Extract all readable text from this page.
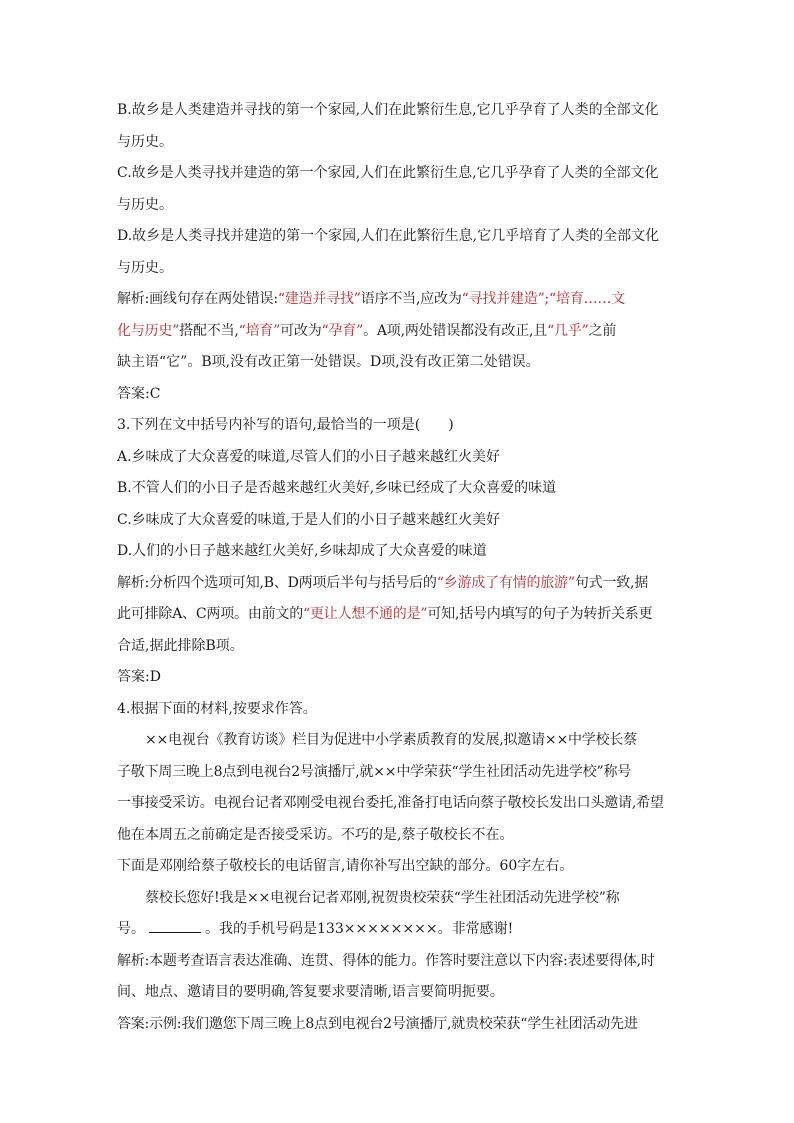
B.故乡是人类建造并寻找的第一个家园,人们在此繁衍生息,它几乎孕育了人类的全部文化
与历史。
C.故乡是人类寻找并建造的第一个家园,人们在此繁衍生息,它几乎孕育了人类的全部文化
与历史。
D.故乡是人类寻找并建造的第一个家园,人们在此繁衍生息,它几乎培育了人类的全部文化
与历史。
解析:画线句存在两处错误:“建造并寻找”语序不当,应改为“寻找并建造”;“培育……文
化与历史”搭配不当,“培育”可改为“孕育”。A项,两处错误都没有改正,且“几乎”之前
缺主语“它”。B项,没有改正第一处错误。D项,没有改正第二处错误。
答案:C
3.下列在文中括号内补写的语句,最恰当的一项是(　　)
A.乡味成了大众喜爱的味道,尽管人们的小日子越来越红火美好
B.不管人们的小日子是否越来越红火美好,乡味已经成了大众喜爱的味道
C.乡味成了大众喜爱的味道,于是人们的小日子越来越红火美好
D.人们的小日子越来越红火美好,乡味却成了大众喜爱的味道
解析:分析四个选项可知,B、D两项后半句与括号后的“乡游成了有情的旅游”句式一致,据
此可排除A、C两项。由前文的“更让人想不通的是”可知,括号内填写的句子为转折关系更
合适,据此排除B项。
答案:D
4.根据下面的材料,按要求作答。
××电视台《教育访谈》栏目为促进中小学素质教育的发展,拟邀请××中学校长蔡
子敬下周三晚上8点到电视台2号演播厅,就××中学荣获“学生社团活动先进学校”称号
一事接受采访。电视台记者邓刚受电视台委托,准备打电话向蔡子敬校长发出口头邀请,希望
他在本周五之前确定是否接受采访。不巧的是,蔡子敬校长不在。
下面是邓刚给蔡子敬校长的电话留言,请你补写出空缺的部分。60字左右。
蔡校长您好!我是××电视台记者邓刚,祝贺贵校荣获“学生社团活动先进学校”称
号。	。我的手机号码是133××××××××。非常感谢!
解析:本题考查语言表达准确、连贯、得体的能力。作答时要注意以下内容:表述要得体,时
间、地点、邀请目的要明确,答复要求要清晰,语言要简明扼要。
答案:示例:我们邀您下周三晚上8点到电视台2号演播厅,就贵校荣获“学生社团活动先进
